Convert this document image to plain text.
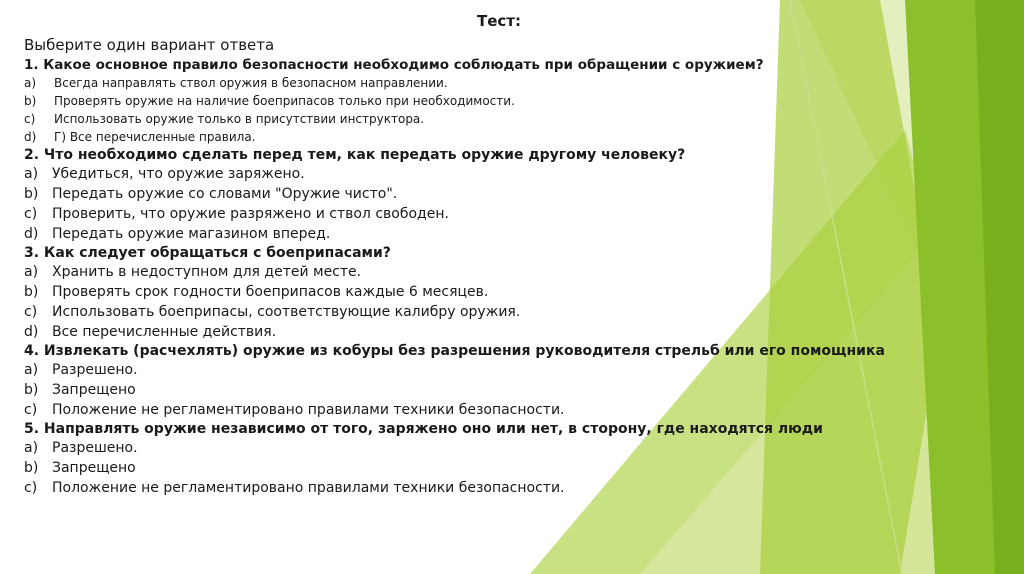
Тест:
Выберите один вариант ответа
1. Какое основное правило безопасности необходимо соблюдать при обращении с оружием?
a)	Всегда направлять ствол оружия в безопасном направлении.
b)	Проверять оружие на наличие боеприпасов только при необходимости.
c)	Использовать оружие только в присутствии инструктора.
d)	Г) Все перечисленные правила.
2. Что необходимо сделать перед тем, как передать оружие другому человеку?
a) Убедиться, что оружие заряжено.
b) Передать оружие со словами "Оружие чисто".
c)	Проверить, что оружие разряжено и ствол свободен.
d) Передать оружие магазином вперед.
3. Как следует обращаться с боеприпасами?
a) Хранить в недоступном для детей месте.
b) Проверять срок годности боеприпасов каждые 6 месяцев.
c)	Использовать боеприпасы, соответствующие калибру оружия.
d) Все перечисленные действия.
4. Извлекать (расчехлять) оружие из кобуры без разрешения руководителя стрельб или его помощника
a) Разрешено.
b) Запрещено
c)	Положение не регламентировано правилами техники безопасности.
5. Направлять оружие независимо от того, заряжено оно или нет, в сторону, где находятся люди
a) Разрешено.
b) Запрещено
c)	Положение не регламентировано правилами техники безопасности.
